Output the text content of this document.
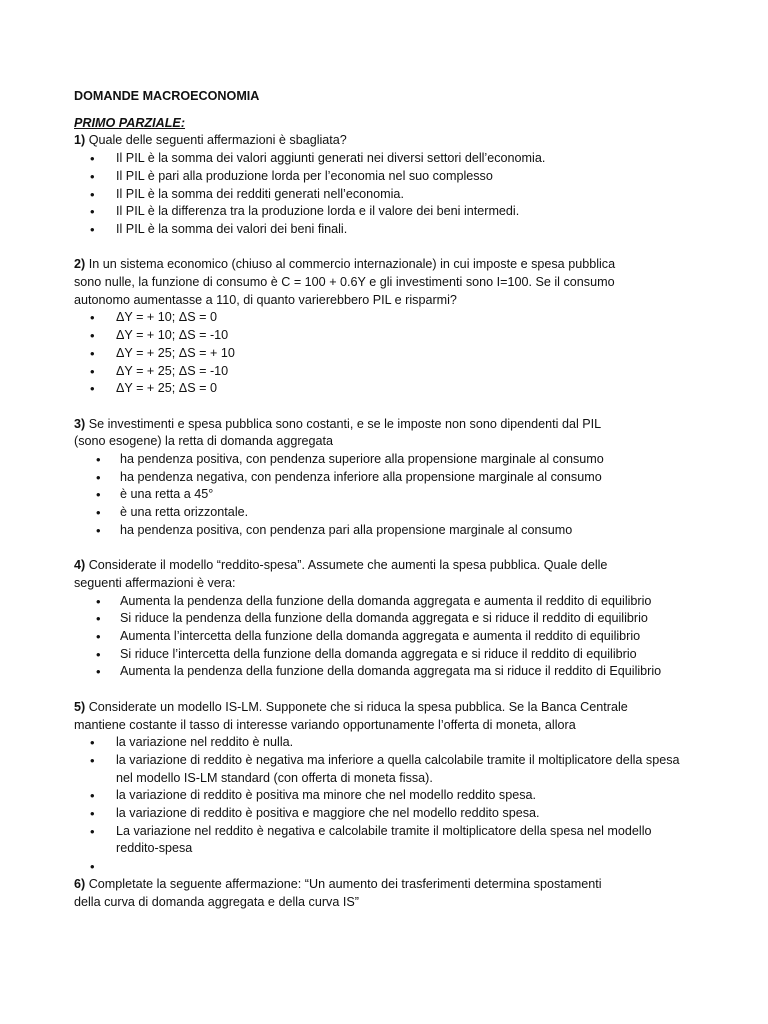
DOMANDE MACROECONOMIA

PRIMO PARZIALE:

1) Quale delle seguenti affermazioni è sbagliata?

• Il PIL è la somma dei valori aggiunti generati nei diversi settori dell’economia.
• Il PIL è pari alla produzione lorda per l’economia nel suo complesso
• Il PIL è la somma dei redditi generati nell’economia.
• Il PIL è la differenza tra la produzione lorda e il valore dei beni intermedi.
• Il PIL è la somma dei valori dei beni finali.

2) In un sistema economico (chiuso al commercio internazionale) in cui imposte e spesa pubblica
sono nulle, la funzione di consumo è C = 100 + 0.6Y e gli investimenti sono I=100. Se il consumo
autonomo aumentasse a 110, di quanto varierebbero PIL e risparmi?

• ΔY = + 10; ΔS = 0
• ΔY = + 10; ΔS = -10
• ΔY = + 25; ΔS = + 10
• ΔY = + 25; ΔS = -10
• ΔY = + 25; ΔS = 0

3) Se investimenti e spesa pubblica sono costanti, e se le imposte non sono dipendenti dal PIL
(sono esogene) la retta di domanda aggregata

• ha pendenza positiva, con pendenza superiore alla propensione marginale al consumo
• ha pendenza negativa, con pendenza inferiore alla propensione marginale al consumo
• è una retta a 45°
• è una retta orizzontale.
• ha pendenza positiva, con pendenza pari alla propensione marginale al consumo

4) Considerate il modello “reddito-spesa”. Assumete che aumenti la spesa pubblica. Quale delle
seguenti affermazioni è vera:

• Aumenta la pendenza della funzione della domanda aggregata e aumenta il reddito di equilibrio
• Si riduce la pendenza della funzione della domanda aggregata e si riduce il reddito di equilibrio
• Aumenta l’intercetta della funzione della domanda aggregata e aumenta il reddito di equilibrio
• Si riduce l’intercetta della funzione della domanda aggregata e si riduce il reddito di equilibrio
• Aumenta la pendenza della funzione della domanda aggregata ma si riduce il reddito di Equilibrio

5) Considerate un modello IS-LM. Supponete che si riduca la spesa pubblica. Se la Banca Centrale
mantiene costante il tasso di interesse variando opportunamente l’offerta di moneta, allora

• la variazione nel reddito è nulla.
• la variazione di reddito è negativa ma inferiore a quella calcolabile tramite il moltiplicatore della spesa nel modello IS-LM standard (con offerta di moneta fissa).
• la variazione di reddito è positiva ma minore che nel modello reddito spesa.
• la variazione di reddito è positiva e maggiore che nel modello reddito spesa.
• La variazione nel reddito è negativa e calcolabile tramite il moltiplicatore della spesa nel modello reddito-spesa
•

6) Completate la seguente affermazione: “Un aumento dei trasferimenti determina spostamenti
della curva di domanda aggregata e della curva IS”
